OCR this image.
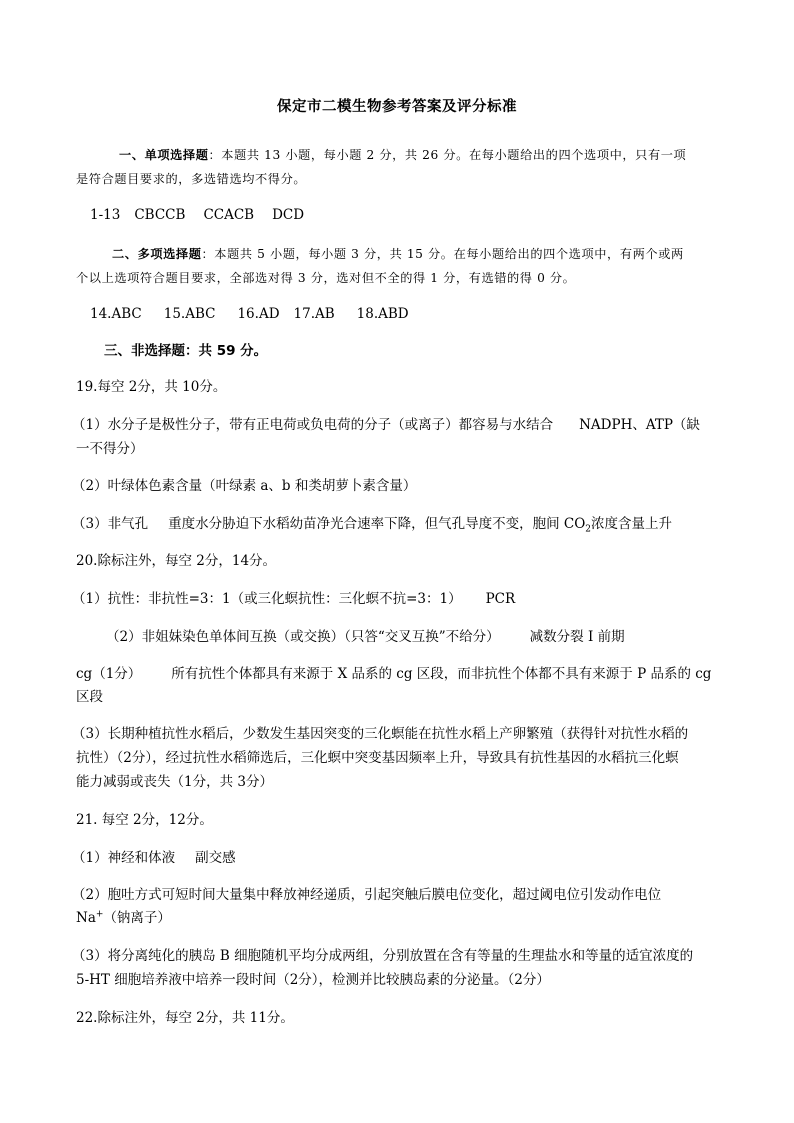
保定市二模生物参考答案及评分标准
一、单项选择题：本题共 13 小题，每小题 2 分，共 26 分。在每小题给出的四个选项中，只有一项
是符合题目要求的，多选错选均不得分。
1-13 CBCCB CCACB DCD
二、多项选择题：本题共 5 小题，每小题 3 分，共 15 分。在每小题给出的四个选项中，有两个或两
个以上选项符合题目要求，全部选对得 3 分，选对但不全的得 1 分，有选错的得 0 分。
14.ABC 15.ABC 16.AD 17.AB 18.ABD
三、非选择题：共 59 分。
19.每空 2分，共 10分。
（1）水分子是极性分子，带有正电荷或负电荷的分子（或离子）都容易与水结合 NADPH、ATP（缺
一不得分）
（2）叶绿体色素含量（叶绿素 a、b 和类胡萝卜素含量）
（3）非气孔 重度水分胁迫下水稻幼苗净光合速率下降，但气孔导度不变，胞间 $CO_2$浓度含量上升
20.除标注外，每空 2分，14分。
（1）抗性：非抗性=3：1（或三化螟抗性：三化螟不抗=3：1） PCR
（2）非姐妹染色单体间互换（或交换）（只答“交叉互换”不给分） 减数分裂 I 前期
cg（1分） 所有抗性个体都具有来源于 X 品系的 cg 区段，而非抗性个体都不具有来源于 P 品系的 cg
区段
（3）长期种植抗性水稻后，少数发生基因突变的三化螟能在抗性水稻上产卵繁殖（获得针对抗性水稻的
抗性）（2分），经过抗性水稻筛选后，三化螟中突变基因频率上升，导致具有抗性基因的水稻抗三化螟
能力减弱或丧失（1分，共 3分）
21. 每空 2分，12分。
（1）神经和体液 副交感
（2）胞吐方式可短时间大量集中释放神经递质，引起突触后膜电位变化，超过阈电位引发动作电位
Na+（钠离子）
（3）将分离纯化的胰岛 B 细胞随机平均分成两组，分别放置在含有等量的生理盐水和等量的适宜浓度的
5-HT 细胞培养液中培养一段时间（2分），检测并比较胰岛素的分泌量。（2分）
22.除标注外，每空 2分，共 11分。
